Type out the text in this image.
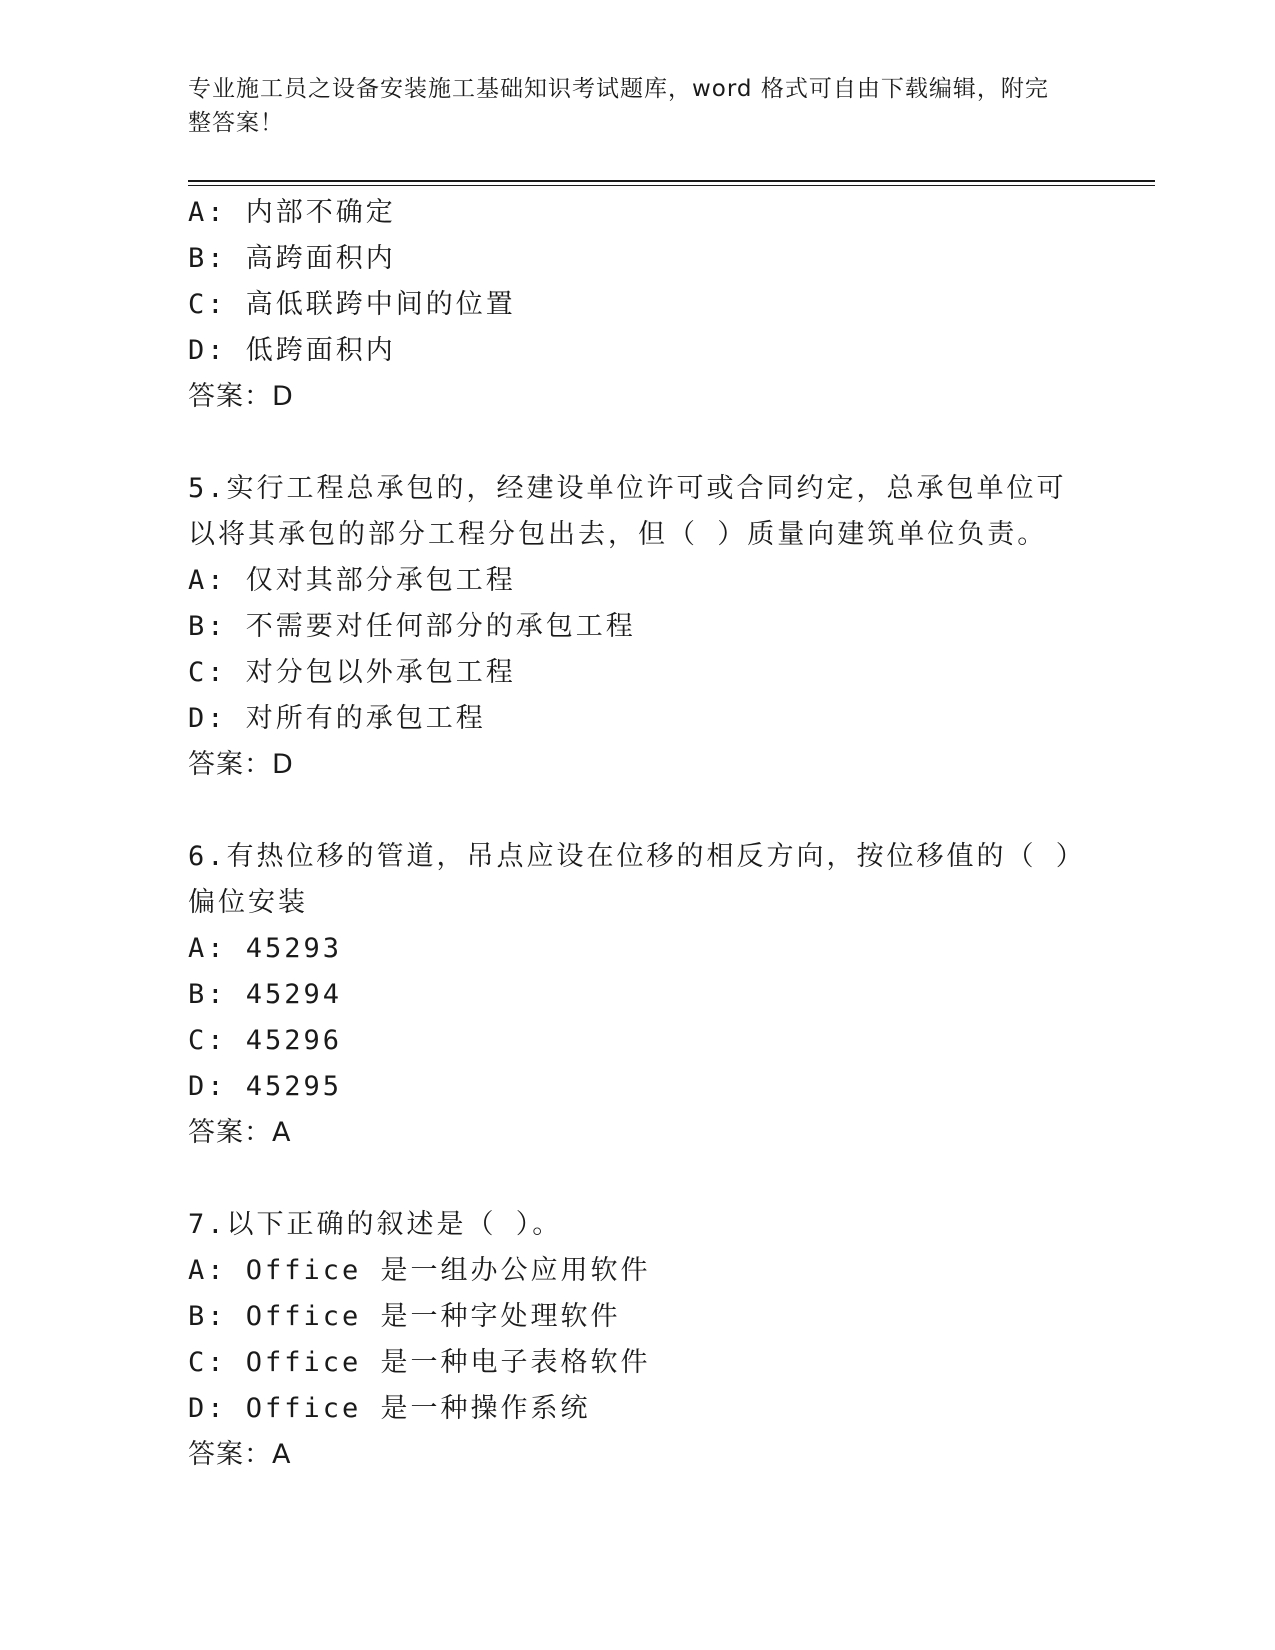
专业施工员之设备安装施工基础知识考试题库，word 格式可自由下载编辑，附完整答案！
A: 内部不确定
B: 高跨面积内
C: 高低联跨中间的位置
D: 低跨面积内
答案：D
5.实行工程总承包的，经建设单位许可或合同约定，总承包单位可以将其承包的部分工程分包出去，但（ ）质量向建筑单位负责。
A: 仅对其部分承包工程
B: 不需要对任何部分的承包工程
C: 对分包以外承包工程
D: 对所有的承包工程
答案：D
6.有热位移的管道，吊点应设在位移的相反方向，按位移值的（ ）偏位安装
A: 45293
B: 45294
C: 45296
D: 45295
答案：A
7.以下正确的叙述是（ ）。
A: Office 是一组办公应用软件
B: Office 是一种字处理软件
C: Office 是一种电子表格软件
D: Office 是一种操作系统
答案：A
